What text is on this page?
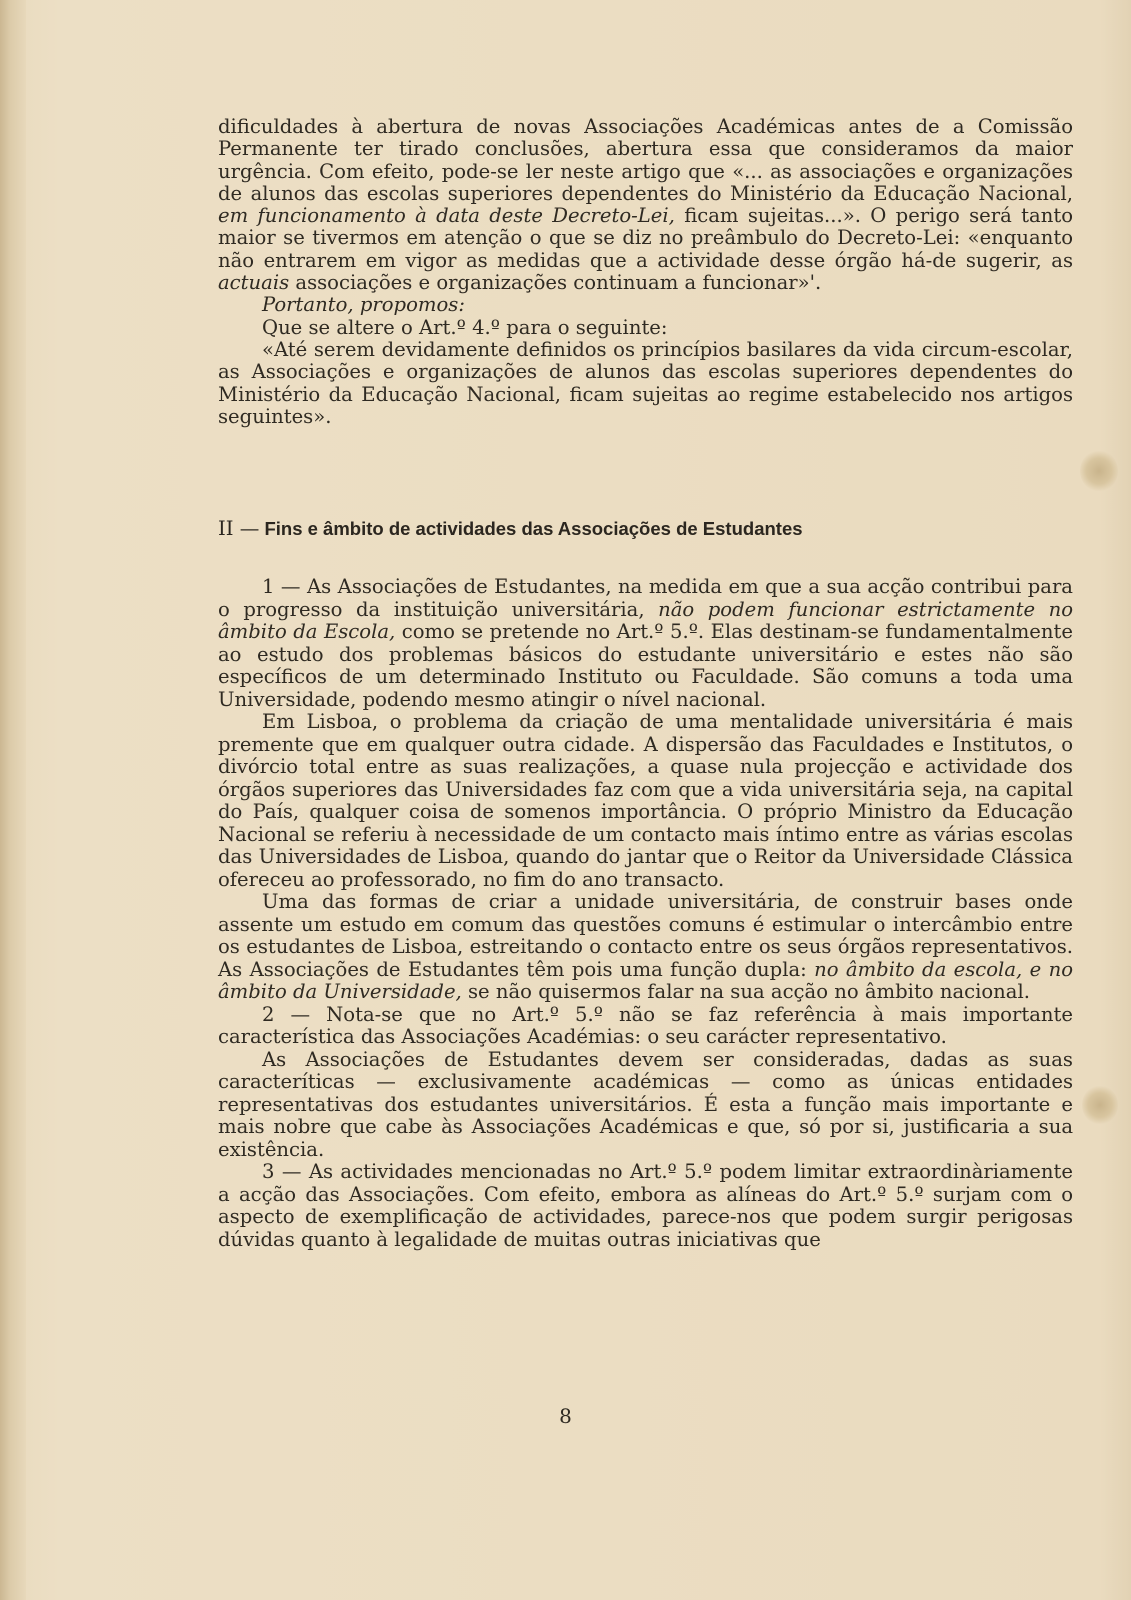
dificuldades à abertura de novas Associações Académicas antes de a Comissão Permanente ter tirado conclusões, abertura essa que consideramos da maior urgência. Com efeito, pode-se ler neste artigo que «... as associações e organizações de alunos das escolas superiores dependentes do Ministério da Educação Nacional, em funcionamento à data deste Decreto-Lei, ficam sujeitas...». O perigo será tanto maior se tivermos em atenção o que se diz no preâmbulo do Decreto-Lei: «enquanto não entrarem em vigor as medidas que a actividade desse órgão há-de sugerir, as actuais associações e organizações continuam a funcionar»'.

Portanto, propomos:

Que se altere o Art.º 4.º para o seguinte:

«Até serem devidamente definidos os princípios basilares da vida circum-escolar, as Associações e organizações de alunos das escolas superiores dependentes do Ministério da Educação Nacional, ficam sujeitas ao regime estabelecido nos artigos seguintes».

II — Fins e âmbito de actividades das Associações de Estudantes

1 — As Associações de Estudantes, na medida em que a sua acção contribui para o progresso da instituição universitária, não podem funcionar estrictamente no âmbito da Escola, como se pretende no Art.º 5.º. Elas destinam-se fundamentalmente ao estudo dos problemas básicos do estudante universitário e estes não são específicos de um determinado Instituto ou Faculdade. São comuns a toda uma Universidade, podendo mesmo atingir o nível nacional.

Em Lisboa, o problema da criação de uma mentalidade universitária é mais premente que em qualquer outra cidade. A dispersão das Faculdades e Institutos, o divórcio total entre as suas realizações, a quase nula projecção e actividade dos órgãos superiores das Universidades faz com que a vida universitária seja, na capital do País, qualquer coisa de somenos importância. O próprio Ministro da Educação Nacional se referiu à necessidade de um contacto mais íntimo entre as várias escolas das Universidades de Lisboa, quando do jantar que o Reitor da Universidade Clássica ofereceu ao professorado, no fim do ano transacto.

Uma das formas de criar a unidade universitária, de construir bases onde assente um estudo em comum das questões comuns é estimular o intercâmbio entre os estudantes de Lisboa, estreitando o contacto entre os seus órgãos representativos. As Associações de Estudantes têm pois uma função dupla: no âmbito da escola, e no âmbito da Universidade, se não quisermos falar na sua acção no âmbito nacional.

2 — Nota-se que no Art.º 5.º não se faz referência à mais importante característica das Associações Académias: o seu carácter representativo.

As Associações de Estudantes devem ser consideradas, dadas as suas caracteríticas — exclusivamente académicas — como as únicas entidades representativas dos estudantes universitários. É esta a função mais importante e mais nobre que cabe às Associações Académicas e que, só por si, justificaria a sua existência.

3 — As actividades mencionadas no Art.º 5.º podem limitar extraordinàriamente a acção das Associações. Com efeito, embora as alíneas do Art.º 5.º surjam com o aspecto de exemplificação de actividades, parece-nos que podem surgir perigosas dúvidas quanto à legalidade de muitas outras iniciativas que

8
